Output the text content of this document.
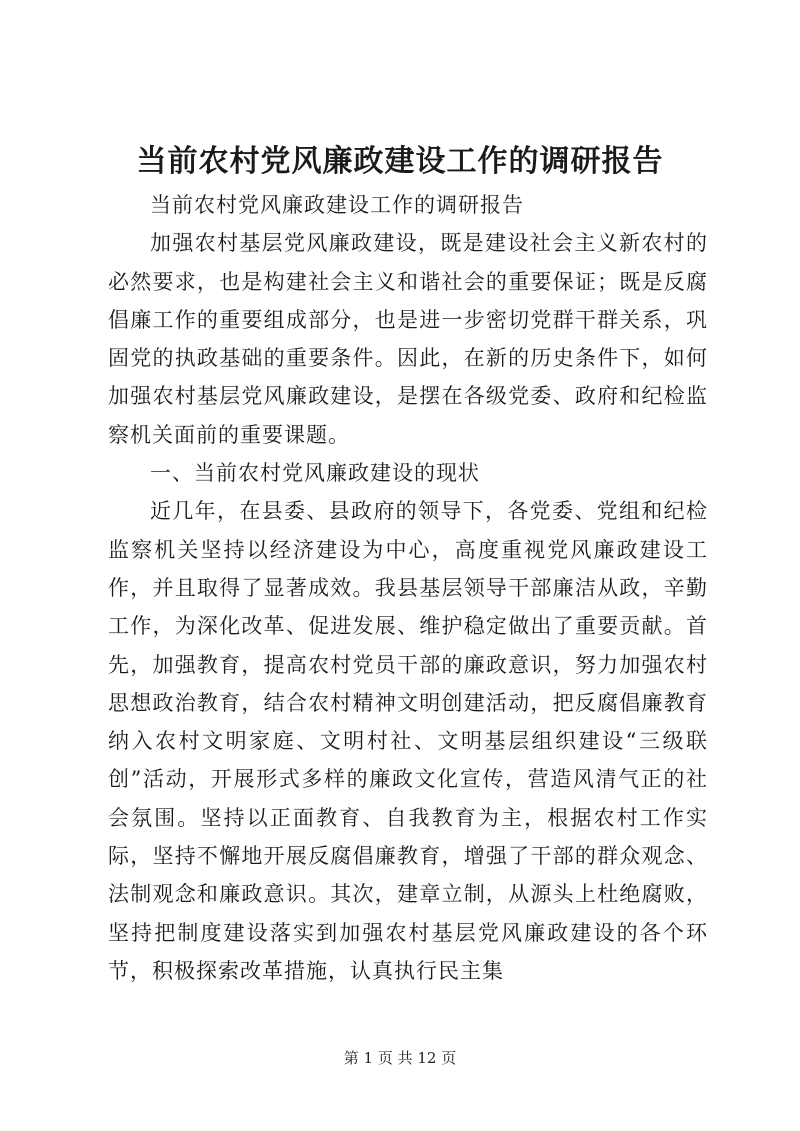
当前农村党风廉政建设工作的调研报告

当前农村党风廉政建设工作的调研报告

加强农村基层党风廉政建设，既是建设社会主义新农村的必然要求，也是构建社会主义和谐社会的重要保证；既是反腐倡廉工作的重要组成部分，也是进一步密切党群干群关系，巩固党的执政基础的重要条件。因此，在新的历史条件下，如何加强农村基层党风廉政建设，是摆在各级党委、政府和纪检监察机关面前的重要课题。

一、当前农村党风廉政建设的现状

近几年，在县委、县政府的领导下，各党委、党组和纪检监察机关坚持以经济建设为中心，高度重视党风廉政建设工作，并且取得了显著成效。我县基层领导干部廉洁从政，辛勤工作，为深化改革、促进发展、维护稳定做出了重要贡献。首先，加强教育，提高农村党员干部的廉政意识，努力加强农村思想政治教育，结合农村精神文明创建活动，把反腐倡廉教育纳入农村文明家庭、文明村社、文明基层组织建设“三级联创”活动，开展形式多样的廉政文化宣传，营造风清气正的社会氛围。坚持以正面教育、自我教育为主，根据农村工作实际，坚持不懈地开展反腐倡廉教育，增强了干部的群众观念、法制观念和廉政意识。其次，建章立制，从源头上杜绝腐败，坚持把制度建设落实到加强农村基层党风廉政建设的各个环节，积极探索改革措施，认真执行民主集

第 1 页 共 12 页
